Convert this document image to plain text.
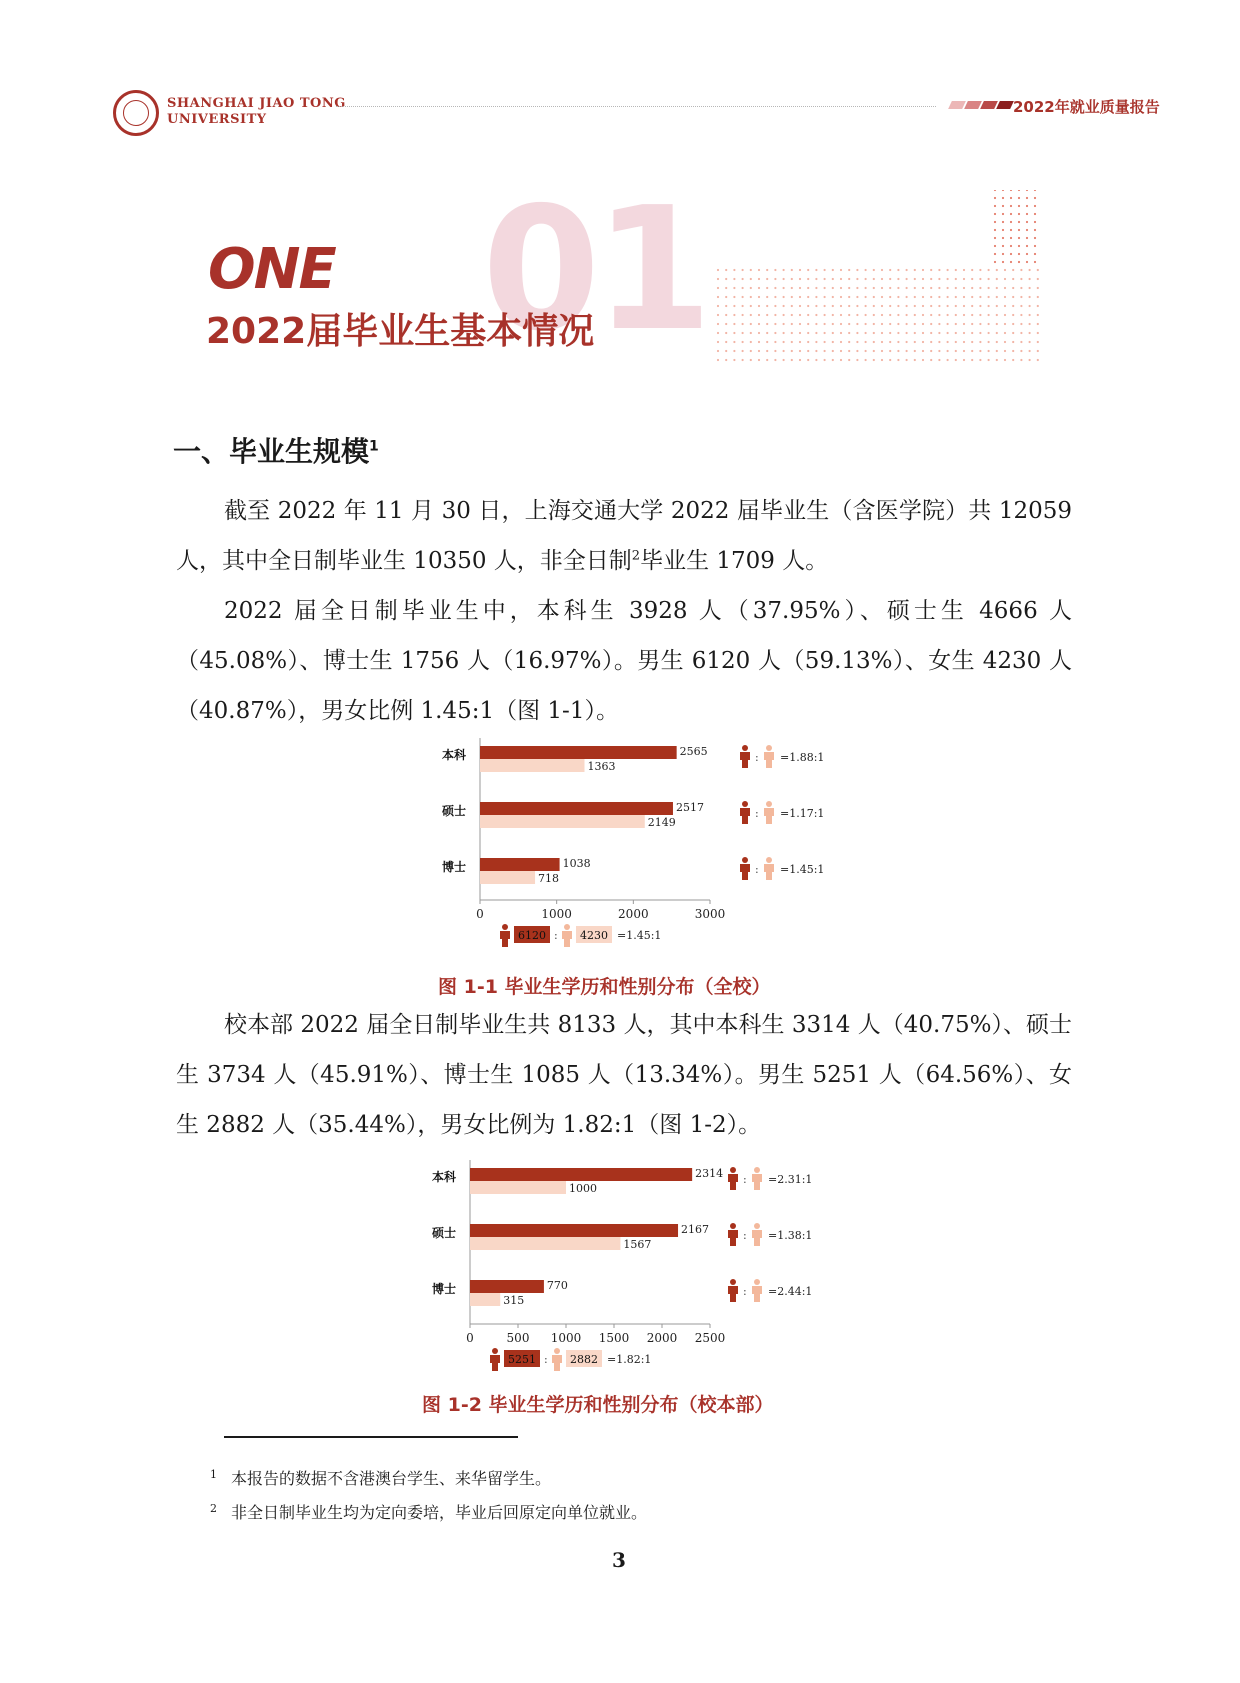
SHANGHAI JIAO TONG
UNIVERSITY
2022年就业质量报告
01
ONE
2022届毕业生基本情况
一、毕业生规模$^1$

截至 2022 年 11 月 30 日，上海交通大学 2022 届毕业生（含医学院）共 12059 人，其中全日制毕业生 10350 人，非全日制$^2$毕业生 1709 人。

2022 届全日制毕业生中，本科生 3928 人（37.95%）、硕士生 4666 人（45.08%）、博士生 1756 人（16.97%）。男生 6120 人（59.13%）、女生 4230 人（40.87%），男女比例 1.45:1（图 1-1）。

0	1000	2000	3000
本科	2565
1363
: =1.88:1
硕士	2517
2149
: =1.17:1
博士	1038
718
: =1.45:1
6120 : 4230 =1.45:1
图 1-1 毕业生学历和性别分布（全校）

校本部 2022 届全日制毕业生共 8133 人，其中本科生 3314 人（40.75%）、硕士生 3734 人（45.91%）、博士生 1085 人（13.34%）。男生 5251 人（64.56%）、女生 2882 人（35.44%），男女比例为 1.82:1（图 1-2）。

0	500 1000 1500 2000 2500
本科	2314
1000
: =2.31:1
硕士	2167
1567
: =1.38:1
博士	770
315
: =2.44:1
5251 : 2882 =1.82:1
图 1-2 毕业生学历和性别分布（校本部）
$^1$ 本报告的数据不含港澳台学生、来华留学生。
$^2$ 非全日制毕业生均为定向委培，毕业后回原定向单位就业。
3
